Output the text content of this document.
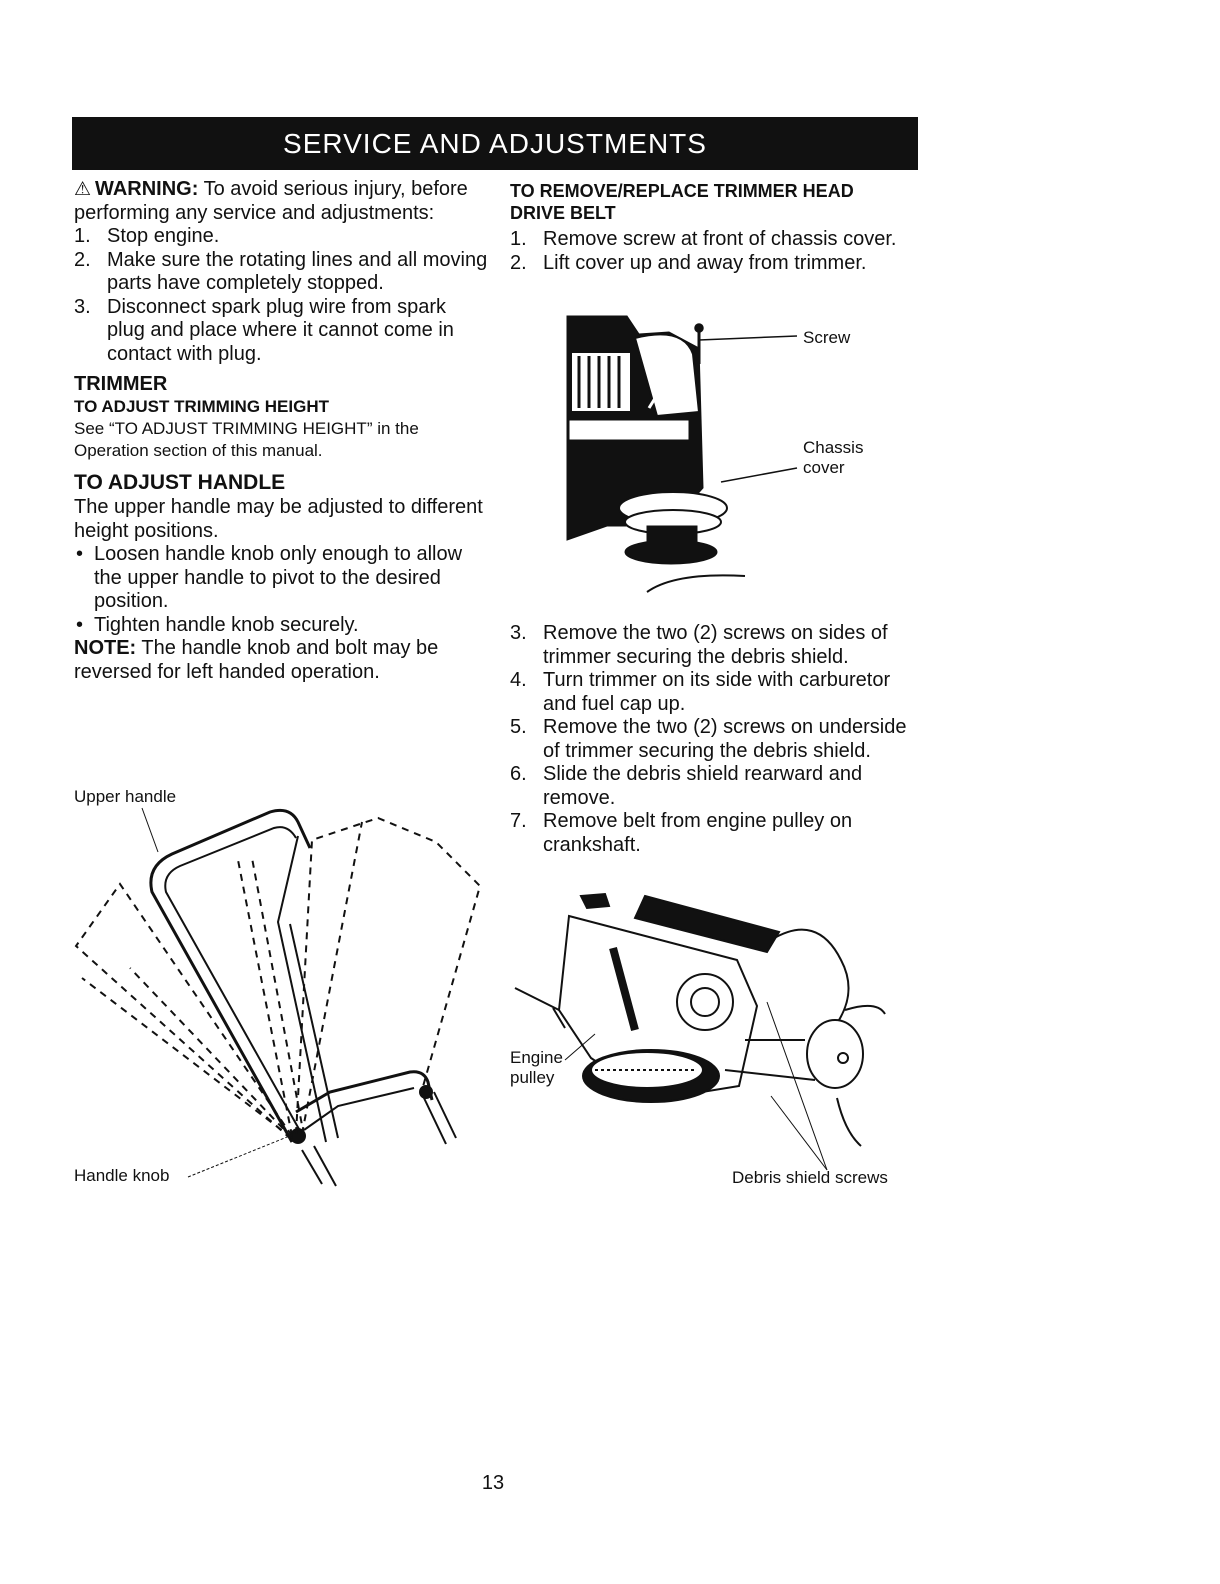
SERVICE AND ADJUSTMENTS

⚠ WARNING: To avoid serious injury, before performing any service and adjustments:

1. Stop engine.
2. Make sure the rotating lines and all moving parts have completely stopped.
3. Disconnect spark plug wire from spark plug and place where it cannot come in contact with plug.
TRIMMER
TO ADJUST TRIMMING HEIGHT

See “TO ADJUST TRIMMING HEIGHT” in the Operation section of this manual.

TO ADJUST HANDLE

The upper handle may be adjusted to different height positions.

• Loosen handle knob only enough to allow the upper handle to pivot to the desired position.
• Tighten handle knob securely.

NOTE: The handle knob and bolt may be reversed for left handed operation.

Upper handle
Handle knob
TO REMOVE/REPLACE TRIMMER HEAD DRIVE BELT
1. Remove screw at front of chassis cover.
2. Lift cover up and away from trimmer.
Screw
Chassis cover
3. Remove the two (2) screws on sides of trimmer securing the debris shield.
4. Turn trimmer on its side with carburetor and fuel cap up.
5. Remove the two (2) screws on underside of trimmer securing the debris shield.
6. Slide the debris shield rearward and remove.
7. Remove belt from engine pulley on crankshaft.
Engine pulley
Debris shield screws
13
